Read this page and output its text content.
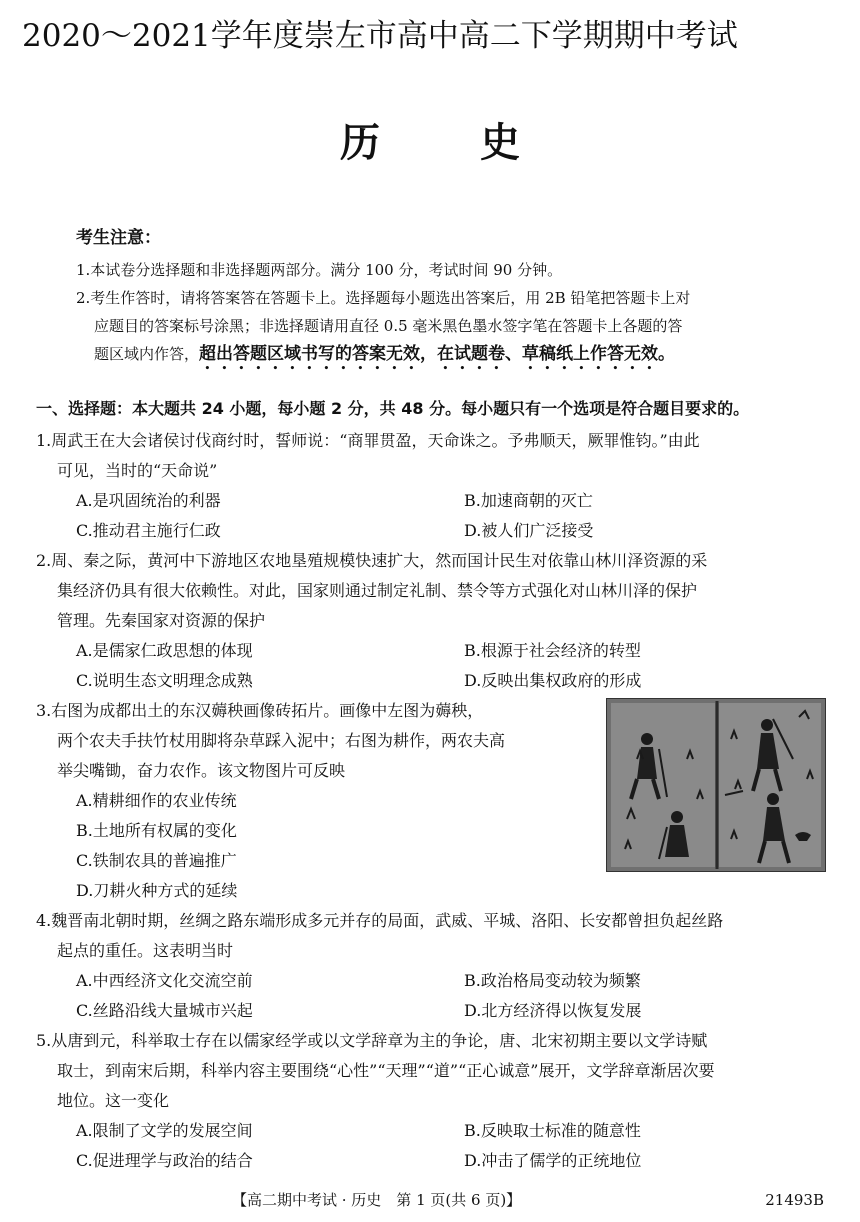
2020～2021学年度崇左市高中高二下学期期中考试
历史
考生注意：
1.本试卷分选择题和非选择题两部分。满分 100 分，考试时间 90 分钟。
2.考生作答时，请将答案答在答题卡上。选择题每小题选出答案后，用 2B 铅笔把答题卡上对
应题目的答案标号涂黑；非选择题请用直径 0.5 毫米黑色墨水签字笔在答题卡上各题的答
题区域内作答，超出答题区域书写的答案无效，在试题卷、草稿纸上作答无效。
一、选择题：本大题共 24 小题，每小题 2 分，共 48 分。每小题只有一个选项是符合题目要求的。
1.周武王在大会诸侯讨伐商纣时，誓师说：“商罪贯盈，天命诛之。予弗顺天，厥罪惟钧。”由此
可见，当时的“天命说”
A.是巩固统治的利器	B.加速商朝的灭亡
C.推动君主施行仁政	D.被人们广泛接受
2.周、秦之际，黄河中下游地区农地垦殖规模快速扩大，然而国计民生对依靠山林川泽资源的采
集经济仍具有很大依赖性。对此，国家则通过制定礼制、禁令等方式强化对山林川泽的保护
管理。先秦国家对资源的保护
A.是儒家仁政思想的体现	B.根源于社会经济的转型
C.说明生态文明理念成熟	D.反映出集权政府的形成
3.右图为成都出土的东汉薅秧画像砖拓片。画像中左图为薅秧，
两个农夫手扶竹杖用脚将杂草踩入泥中；右图为耕作，两农夫高
举尖嘴锄，奋力农作。该文物图片可反映
A.精耕细作的农业传统
B.土地所有权属的变化
C.铁制农具的普遍推广
D.刀耕火种方式的延续
4.魏晋南北朝时期，丝绸之路东端形成多元并存的局面，武威、平城、洛阳、长安都曾担负起丝路
起点的重任。这表明当时
A.中西经济文化交流空前	B.政治格局变动较为频繁
C.丝路沿线大量城市兴起	D.北方经济得以恢复发展
5.从唐到元，科举取士存在以儒家经学或以文学辞章为主的争论，唐、北宋初期主要以文学诗赋
取士，到南宋后期，科举内容主要围绕“心性”“天理”“道”“正心诚意”展开，文学辞章渐居次要
地位。这一变化
A.限制了文学的发展空间	B.反映取士标准的随意性
C.促进理学与政治的结合	D.冲击了儒学的正统地位
【高二期中考试 · 历史　第 1 页(共 6 页)】	21493B
